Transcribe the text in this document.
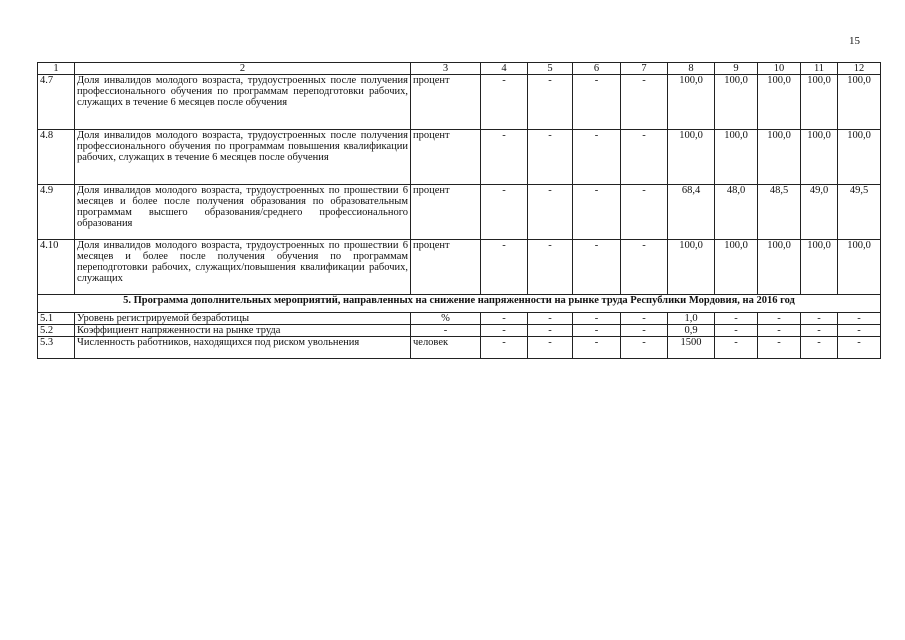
15
1	2	3	4	5	6	7	8	9	10	11	12
4.7	Доля инвалидов молодого возраста, трудоустроенных после получения профессионального обучения по программам переподготовки рабочих, служащих в течение 6 месяцев после обучения	процент	-	-	-	-	100,0	100,0	100,0	100,0	100,0
4.8	Доля инвалидов молодого возраста, трудоустроенных после получения профессионального обучения по программам повышения квалификации рабочих, служащих в течение 6 месяцев после обучения	процент	-	-	-	-	100,0	100,0	100,0	100,0	100,0
4.9	Доля инвалидов молодого возраста, трудоустроенных по прошествии 6 месяцев и более после получения образования по образовательным программам высшего образования/среднего профессионального образования	процент	-	-	-	-	68,4	48,0	48,5	49,0	49,5
4.10	Доля инвалидов молодого возраста, трудоустроенных по прошествии 6 месяцев и более после получения обучения по программам переподготовки рабочих, служащих/повышения квалификации рабочих, служащих	процент	-	-	-	-	100,0	100,0	100,0	100,0	100,0
5. Программа дополнительных мероприятий, направленных на снижение напряженности на рынке труда Республики Мордовия, на 2016 год											
5.1	Уровень регистрируемой безработицы	%	-	-	-	-	1,0	-	-	-	-
5.2	Коэффициент напряженности на рынке труда	-	-	-	-	-	0,9	-	-	-	-
5.3	Численность работников, находящихся под риском увольнения	человек	-	-	-	-	1500	-	-	-	-
